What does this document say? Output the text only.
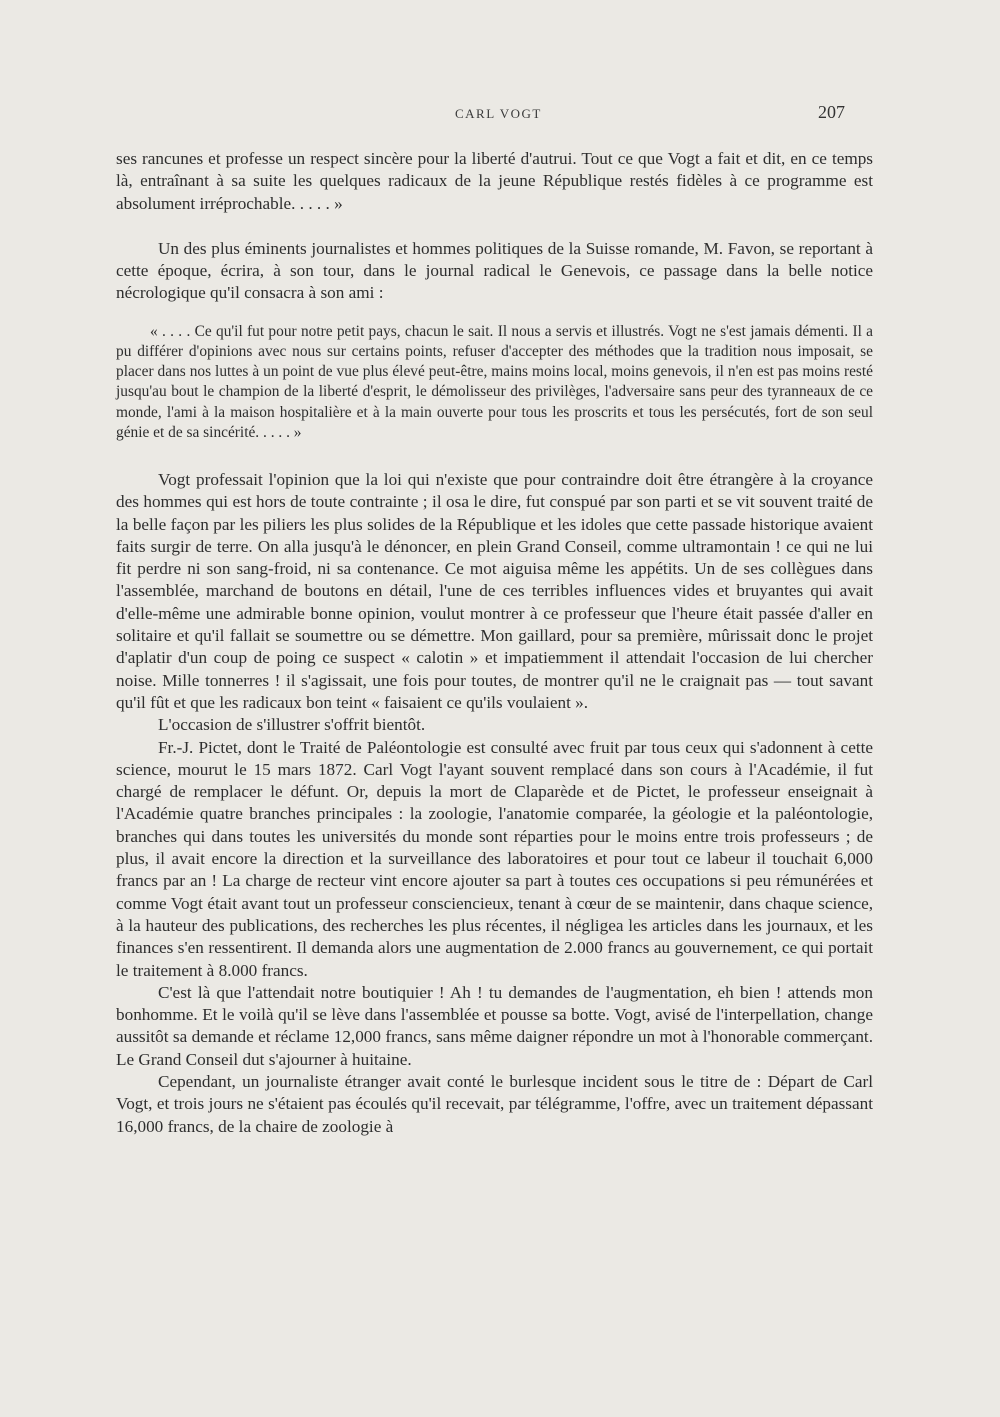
CARL VOGT	207

ses rancunes et professe un respect sincère pour la liberté d'autrui. Tout ce que Vogt a fait et dit, en ce temps là, entraînant à sa suite les quelques radicaux de la jeune République restés fidèles à ce programme est absolument irréprochable. . . . . »

Un des plus éminents journalistes et hommes politiques de la Suisse romande, M. Favon, se reportant à cette époque, écrira, à son tour, dans le journal radical le Genevois, ce passage dans la belle notice nécrologique qu'il consacra à son ami :

« . . . . Ce qu'il fut pour notre petit pays, chacun le sait. Il nous a servis et illustrés. Vogt ne s'est jamais démenti. Il a pu différer d'opinions avec nous sur certains points, refuser d'accepter des méthodes que la tradition nous imposait, se placer dans nos luttes à un point de vue plus élevé peut-être, mains moins local, moins genevois, il n'en est pas moins resté jusqu'au bout le champion de la liberté d'esprit, le démolisseur des privilèges, l'adversaire sans peur des tyranneaux de ce monde, l'ami à la maison hospitalière et à la main ouverte pour tous les proscrits et tous les persécutés, fort de son seul génie et de sa sincérité. . . . . »

Vogt professait l'opinion que la loi qui n'existe que pour contraindre doit être étrangère à la croyance des hommes qui est hors de toute contrainte ; il osa le dire, fut conspué par son parti et se vit souvent traité de la belle façon par les piliers les plus solides de la République et les idoles que cette passade historique avaient faits surgir de terre. On alla jusqu'à le dénoncer, en plein Grand Conseil, comme ultramontain ! ce qui ne lui fit perdre ni son sang-froid, ni sa contenance. Ce mot aiguisa même les appétits. Un de ses collègues dans l'assemblée, marchand de boutons en détail, l'une de ces terribles influences vides et bruyantes qui avait d'elle-même une admirable bonne opinion, voulut montrer à ce professeur que l'heure était passée d'aller en solitaire et qu'il fallait se soumettre ou se démettre. Mon gaillard, pour sa première, mûrissait donc le projet d'aplatir d'un coup de poing ce suspect « calotin » et impatiemment il attendait l'occasion de lui chercher noise. Mille tonnerres ! il s'agissait, une fois pour toutes, de montrer qu'il ne le craignait pas — tout savant qu'il fût et que les radicaux bon teint « faisaient ce qu'ils voulaient ».

L'occasion de s'illustrer s'offrit bientôt.

Fr.-J. Pictet, dont le Traité de Paléontologie est consulté avec fruit par tous ceux qui s'adonnent à cette science, mourut le 15 mars 1872. Carl Vogt l'ayant souvent remplacé dans son cours à l'Académie, il fut chargé de remplacer le défunt. Or, depuis la mort de Claparède et de Pictet, le professeur enseignait à l'Académie quatre branches principales : la zoologie, l'anatomie comparée, la géologie et la paléontologie, branches qui dans toutes les universités du monde sont réparties pour le moins entre trois professeurs ; de plus, il avait encore la direction et la surveillance des laboratoires et pour tout ce labeur il touchait 6,000 francs par an ! La charge de recteur vint encore ajouter sa part à toutes ces occupations si peu rémunérées et comme Vogt était avant tout un professeur consciencieux, tenant à cœur de se maintenir, dans chaque science, à la hauteur des publications, des recherches les plus récentes, il négligea les articles dans les journaux, et les finances s'en ressentirent. Il demanda alors une augmentation de 2.000 francs au gouvernement, ce qui portait le traitement à 8.000 francs.

C'est là que l'attendait notre boutiquier ! Ah ! tu demandes de l'augmentation, eh bien ! attends mon bonhomme. Et le voilà qu'il se lève dans l'assemblée et pousse sa botte. Vogt, avisé de l'interpellation, change aussitôt sa demande et réclame 12,000 francs, sans même daigner répondre un mot à l'honorable commerçant. Le Grand Conseil dut s'ajourner à huitaine.

Cependant, un journaliste étranger avait conté le burlesque incident sous le titre de : Départ de Carl Vogt, et trois jours ne s'étaient pas écoulés qu'il recevait, par télégramme, l'offre, avec un traitement dépassant 16,000 francs, de la chaire de zoologie à
